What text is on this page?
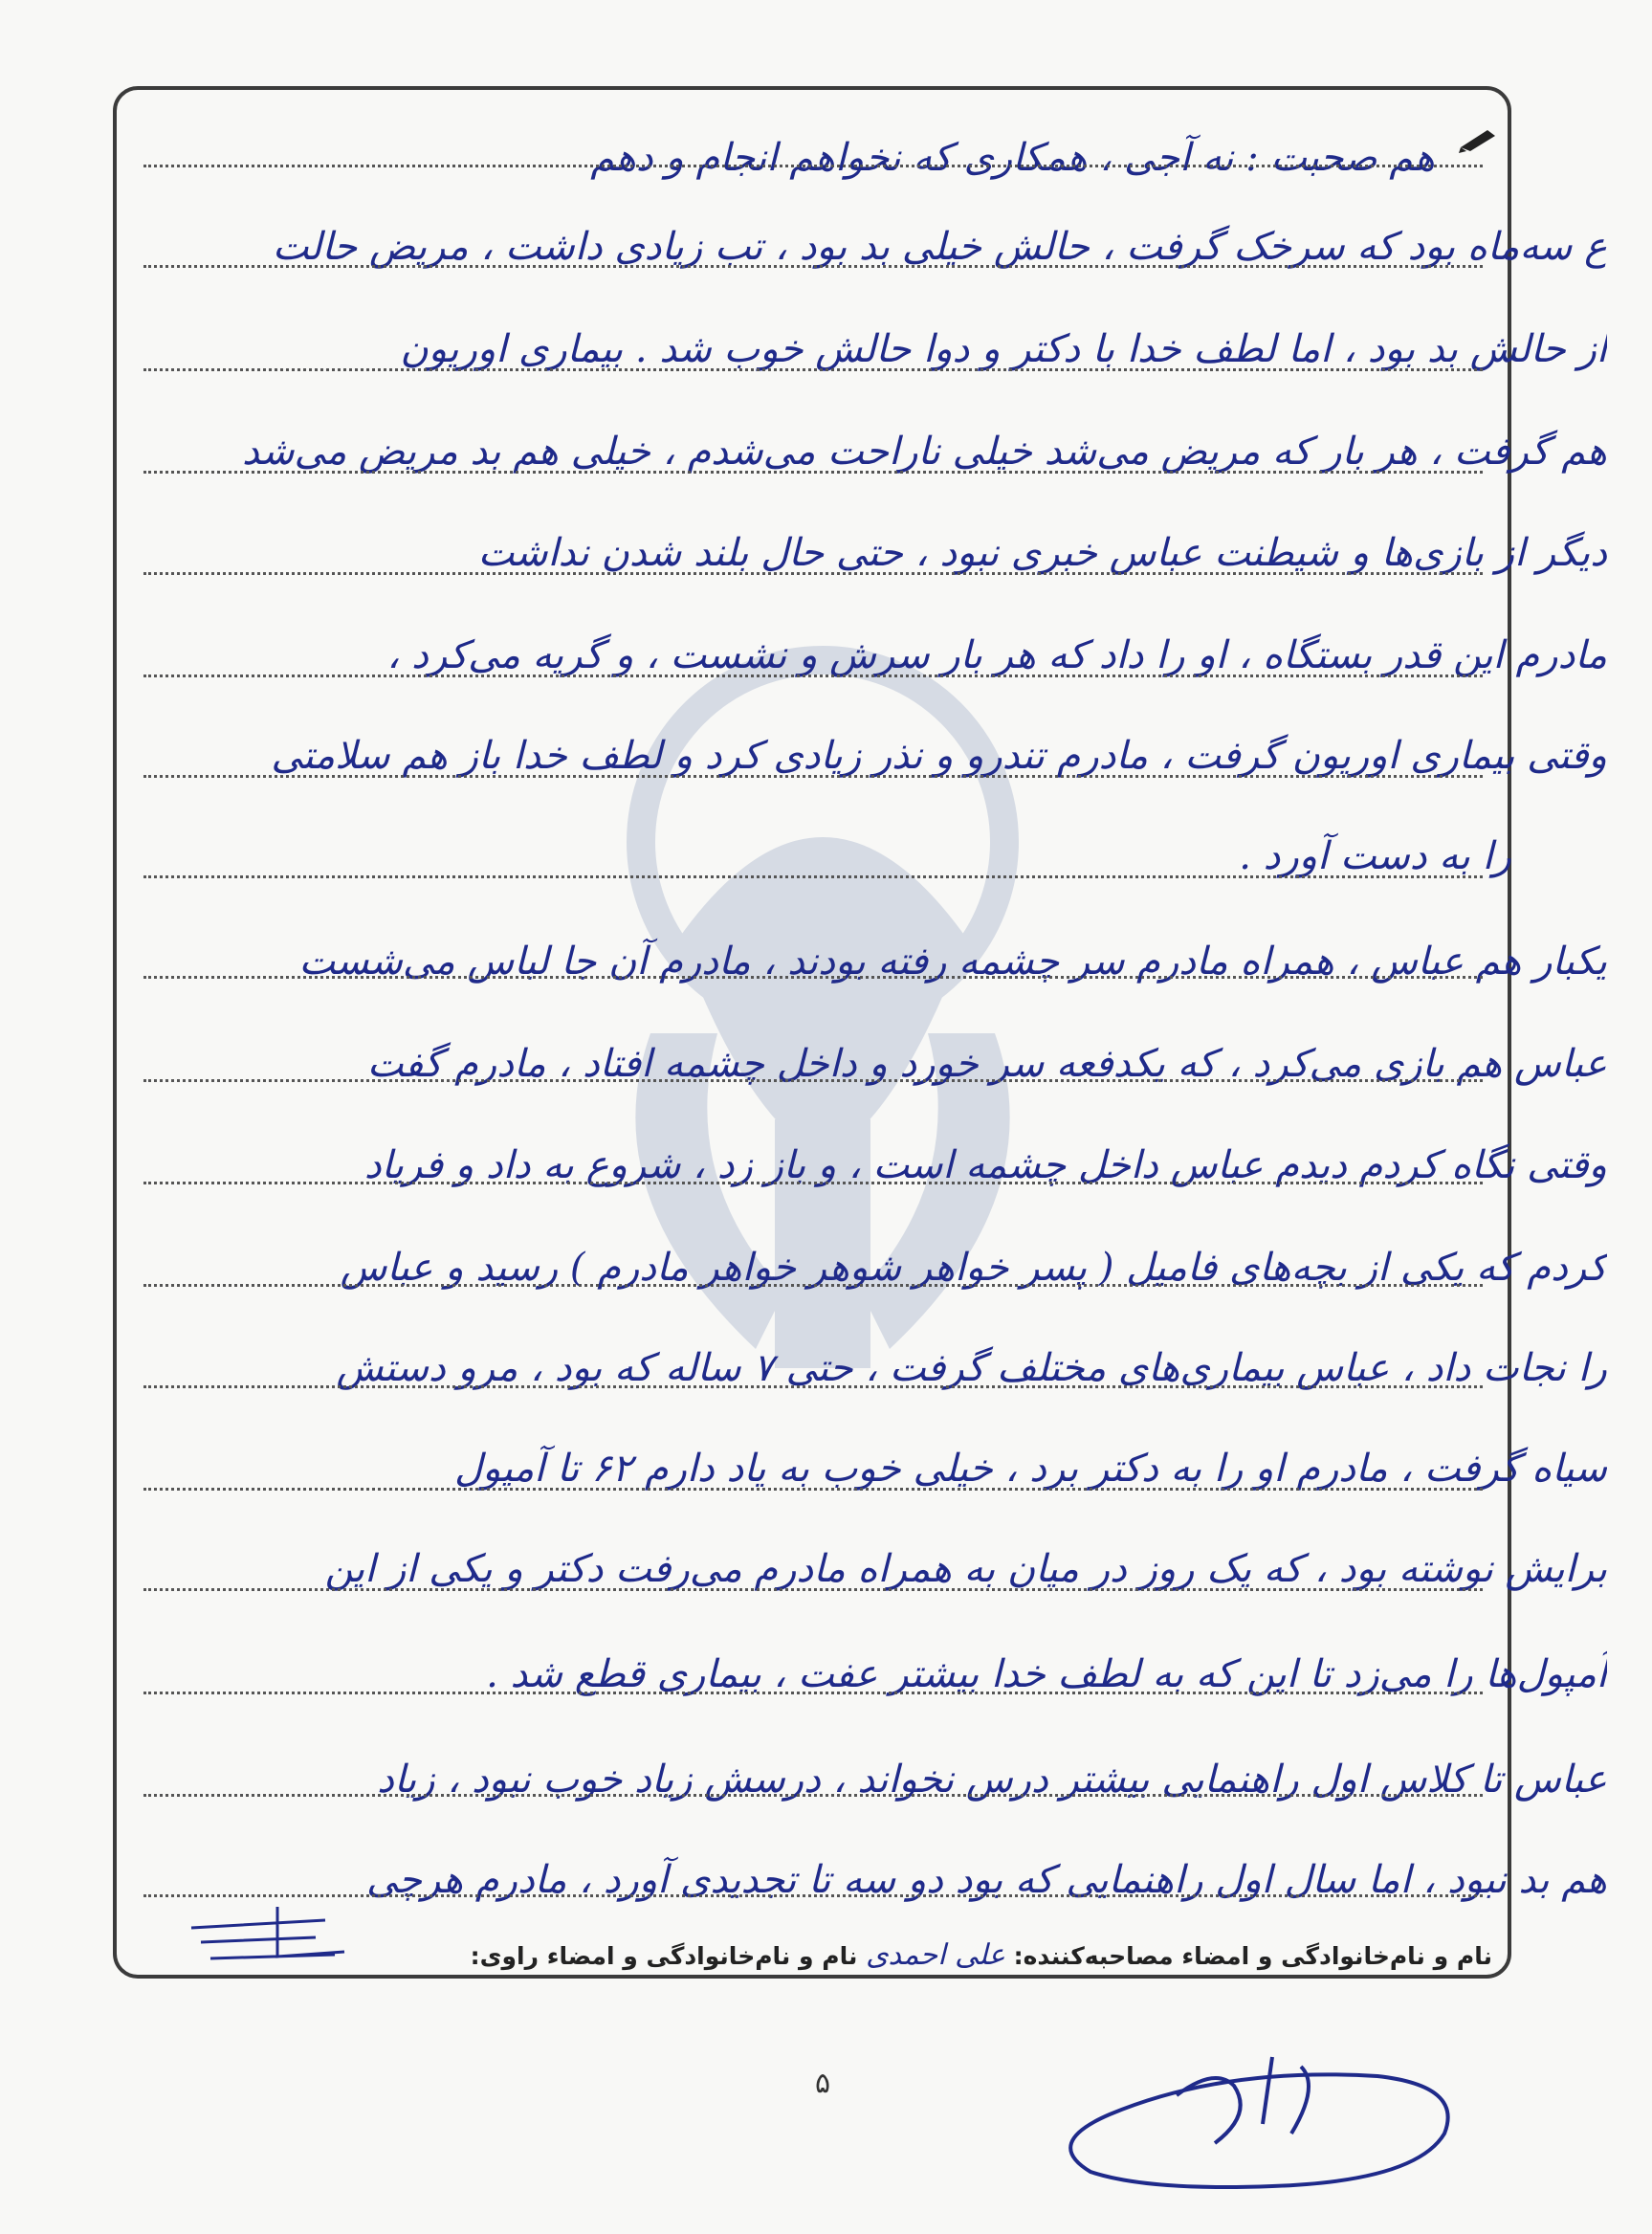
هم صحبت : نه آجی ، همکاری که نخواهم انجام و دهم
ع سه‌ماه بود که سرخک گرفت ، حالش خیلی بد بود ، تب زیادی داشت ، مریض حالت
از حالش بد بود ، اما لطف خدا با دکتر و دوا حالش خوب شد . بیماری اوریون
هم گرفت ، هر بار که مریض می‌شد خیلی ناراحت می‌شدم ، خیلی هم بد مریض می‌شد
دیگر از بازی‌ها و شیطنت عباس خبری نبود ، حتی حال بلند شدن نداشت
مادرم این قدر بستگاه ، او را داد که هر بار سرش و نشست ، و گریه می‌کرد ،
وقتی بیماری اوریون گرفت ، مادرم تندرو و نذر زیادی کرد و لطف خدا باز هم سلامتی
را به دست آورد .
یکبار هم عباس ، همراه مادرم سر چشمه رفته بودند ، مادرم آن جا لباس می‌شست
عباس هم بازی می‌کرد ، که یکدفعه سر خورد و داخل چشمه افتاد ، مادرم گفت
وقتی نگاه کردم دیدم عباس داخل چشمه است ، و باز زد ، شروع به داد و فریاد
کردم که یکی از بچه‌های فامیل ( پسر خواهر شوهر خواهر مادرم ) رسید و عباس
را نجات داد ، عباس بیماری‌های مختلف گرفت ، حتی ۷ ساله که بود ، مرو دستش
سیاه گرفت ، مادرم او را به دکتر برد ، خیلی خوب به یاد دارم ۶۲ تا آمپول
برایش نوشته بود ، که یک روز در میان به همراه مادرم می‌رفت دکتر و یکی از این
آمپول‌ها را می‌زد تا این که به لطف خدا بیشتر عفت ، بیماری قطع شد .
عباس تا کلاس اول راهنمایی بیشتر درس نخواند ، درسش زیاد خوب نبود ، زیاد
هم بد نبود ، اما سال اول راهنمایی که بود دو سه تا تجدیدی آورد ، مادرم هرچی
نام و نام‌خانوادگی و امضاء مصاحبه‌کننده: علی احمدی نام و نام‌خانوادگی و امضاء راوی:
۵
